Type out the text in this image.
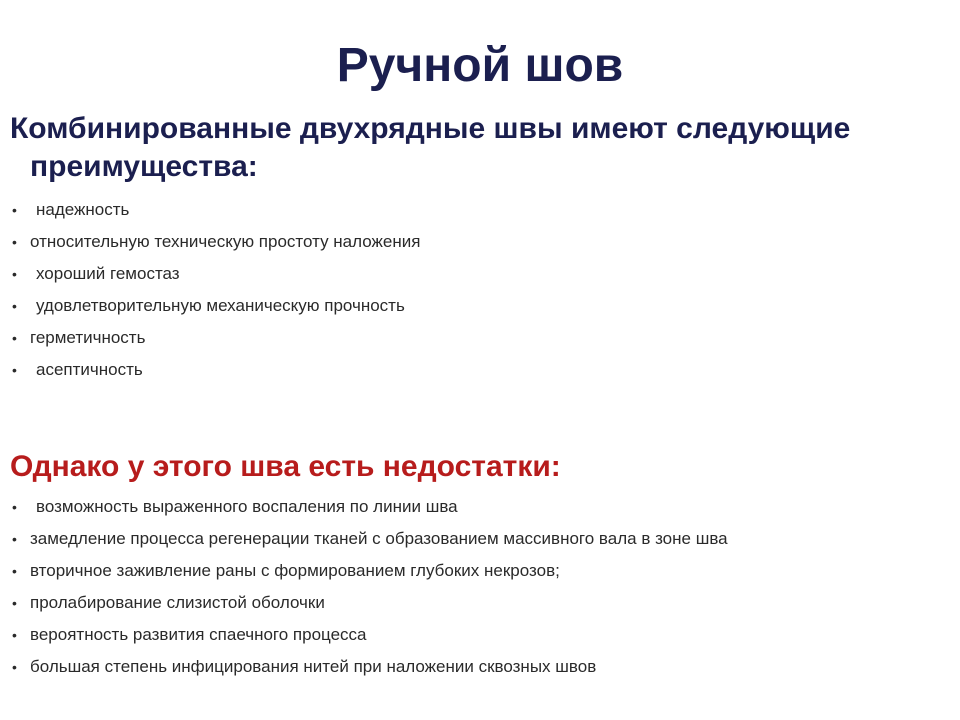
Ручной шов
Комбинированные двухрядные швы имеют следующие
преимущества:
• надежность
• относительную техническую простоту наложения
• хороший гемостаз
• удовлетворительную механическую прочность
• герметичность
• асептичность
Однако у этого шва есть недостатки:
• возможность выраженного воспаления по линии шва
• замедление процесса регенерации тканей с образованием массивного вала в зоне шва
• вторичное заживление раны с формированием глубоких некрозов;
• пролабирование слизистой оболочки
• вероятность развития спаечного процесса
• большая степень инфицирования нитей при наложении сквозных швов
